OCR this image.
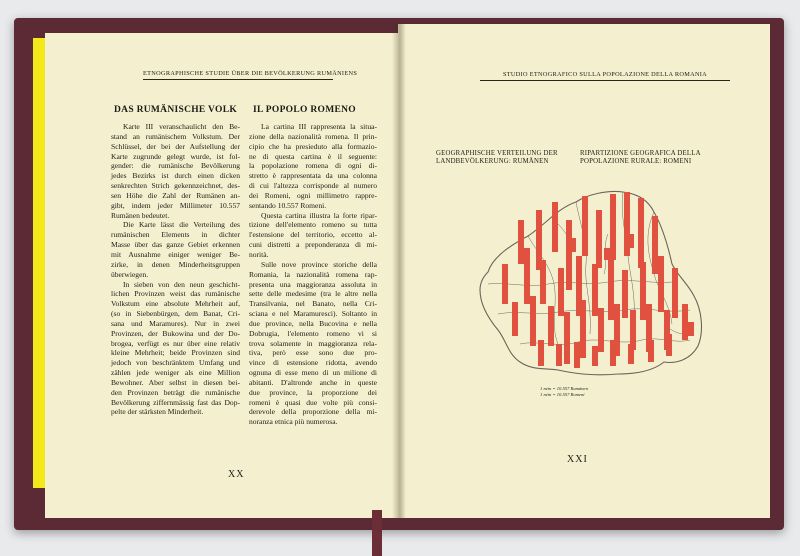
ETNOGRAPHISCHE STUDIE ÜBER DIE BEVÖLKERUNG RUMÄNIENS
DAS RUMÄNISCHE VOLK IL POPOLO ROMENO
Karte III veranschaulicht den Be-
stand an rumänischem Volkstum. Der
Schlüssel, der bei der Aufstellung der
Karte zugrunde gelegt wurde, ist fol-
gender: die rumänische Bevölkerung
jedes Bezirks ist durch einen dicken
senkrechten Strich gekennzeichnet, des-
sen Höhe die Zahl der Rumänen an-
gibt, indem jeder Millimeter 10.557
Rumänen bedeutet.
Die Karte lässt die Verteilung des
rumänischen Elements in dichter
Masse über das ganze Gebiet erkennen
mit Ausnahme einiger weniger Be-
zirke, in denen Minderheitsgruppen
überwiegen.
In sieben von den neun geschicht-
lichen Provinzen weist das rumänische
Volkstum eine absolute Mehrheit auf,
(so in Siebenbürgen, dem Banat, Cri-
sana und Maramures). Nur in zwei
Provinzen, der Bukowina und der Do-
brogea, verfügt es nur über eine relativ
kleine Mehrheit; beide Provinzen sind
jedoch von beschränktem Umfang und
zählen jede weniger als eine Million
Bewohner. Aber selbst in diesen bei-
den Provinzen beträgt die rumänische
Bevölkerung ziffernmässig fast das Dop-
pelte der stärksten Minderheit.
La cartina III rappresenta la situa-
zione della nazionalità romena. Il prin-
cipio che ha presieduto alla formazio-
ne di questa cartina è il seguente:
la popolazione romena di ogni di-
stretto è rappresentata da una colonna
di cui l'altezza corrisponde al numero
dei Romeni, ogni millimetro rappre-
sentando 10.557 Romeni.
Questa cartina illustra la forte ripar-
tizione dell'elemento romeno su tutta
l'estensione del territorio, eccetto al-
cuni distretti a preponderanza di mi-
norità.
Sulle nove province storiche della
Romania, la nazionalità romena rap-
presenta una maggioranza assoluta in
sette delle medesime (tra le altre nella
Transilvania, nel Banato, nella Cri-
sciana e nel Maramuresci). Soltanto in
due province, nella Bucovina e nella
Dobrugia, l'elemento romeno vi si
trova solamente in maggioranza rela-
tiva, però esse sono due pro-
vince di estensione ridotta, avendo
ognuna di esse meno di un milione di
abitanti. D'altronde anche in queste
due province, la proporzione dei
romeni è quasi due volte più consi-
derevole della proporzione della mi-
noranza etnica più numerosa.
XX
STUDIO ETNOGRAFICO SULLA POPOLAZIONE DELLA ROMANIA
GEOGRAPHISCHE VERTEILUNG DER
LANDBEVÖLKERUNG: RUMÄNEN
RIPARTIZIONE GEOGRAFICA DELLA
POPOLAZIONE RURALE: ROMENI
1 m/m = 10.557 Rumänen
1 m/m = 10.557 Romeni
XXI
